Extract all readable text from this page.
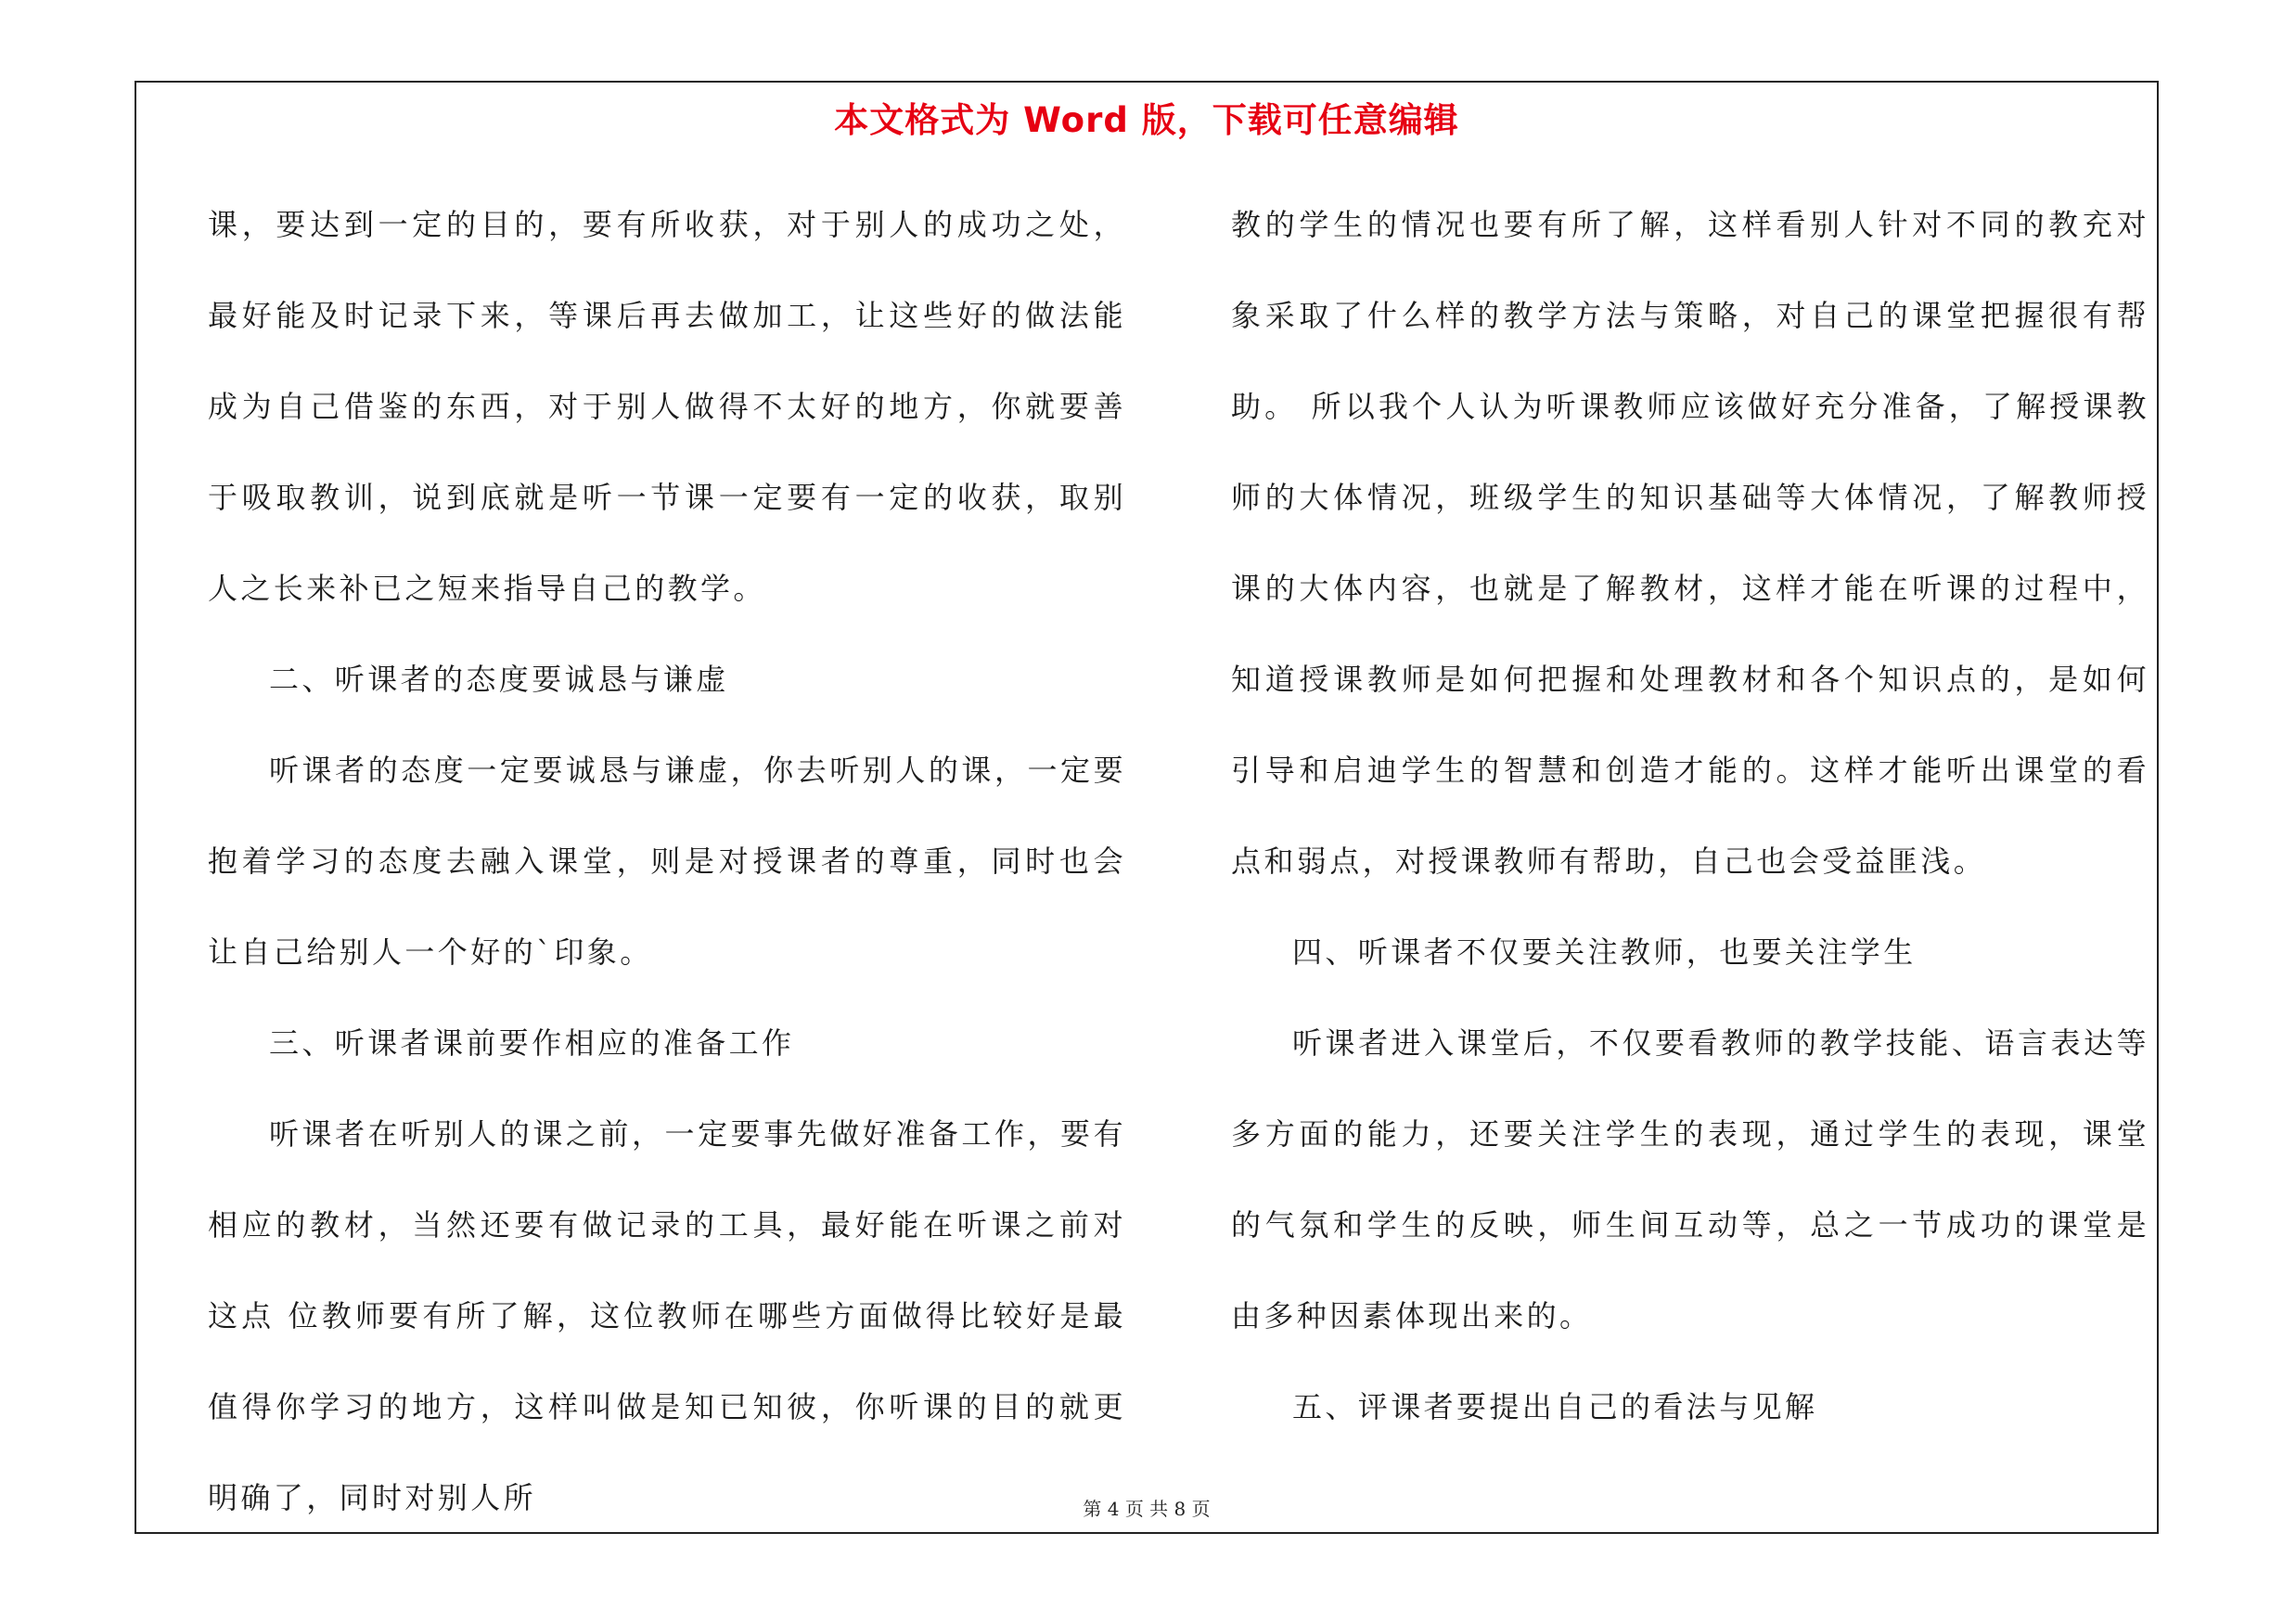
本文格式为 Word 版，下载可任意编辑

课，要达到一定的目的，要有所收获，对于别人的成功之处，最好能及时记录下来，等课后再去做加工，让这些好的做法能成为自己借鉴的东西，对于别人做得不太好的地方，你就要善于吸取教训，说到底就是听一节课一定要有一定的收获，取别人之长来补已之短来指导自己的教学。

二、听课者的态度要诚恳与谦虚

听课者的态度一定要诚恳与谦虚，你去听别人的课，一定要抱着学习的态度去融入课堂，则是对授课者的尊重，同时也会让自己给别人一个好的`印象。

三、听课者课前要作相应的准备工作

听课者在听别人的课之前，一定要事先做好准备工作，要有相应的教材，当然还要有做记录的工具，最好能在听课之前对这点 位教师要有所了解，这位教师在哪些方面做得比较好是最值得你学习的地方，这样叫做是知已知彼，你听课的目的就更明确了，同时对别人所

教的学生的情况也要有所了解，这样看别人针对不同的教充对象采取了什么样的教学方法与策略，对自己的课堂把握很有帮助。 所以我个人认为听课教师应该做好充分准备，了解授课教师的大体情况，班级学生的知识基础等大体情况，了解教师授课的大体内容，也就是了解教材，这样才能在听课的过程中，知道授课教师是如何把握和处理教材和各个知识点的，是如何引导和启迪学生的智慧和创造才能的。这样才能听出课堂的看点和弱点，对授课教师有帮助，自己也会受益匪浅。

四、听课者不仅要关注教师，也要关注学生

听课者进入课堂后，不仅要看教师的教学技能、语言表达等多方面的能力，还要关注学生的表现，通过学生的表现，课堂的气氛和学生的反映，师生间互动等，总之一节成功的课堂是由多种因素体现出来的。

五、评课者要提出自己的看法与见解

第 4 页 共 8 页
